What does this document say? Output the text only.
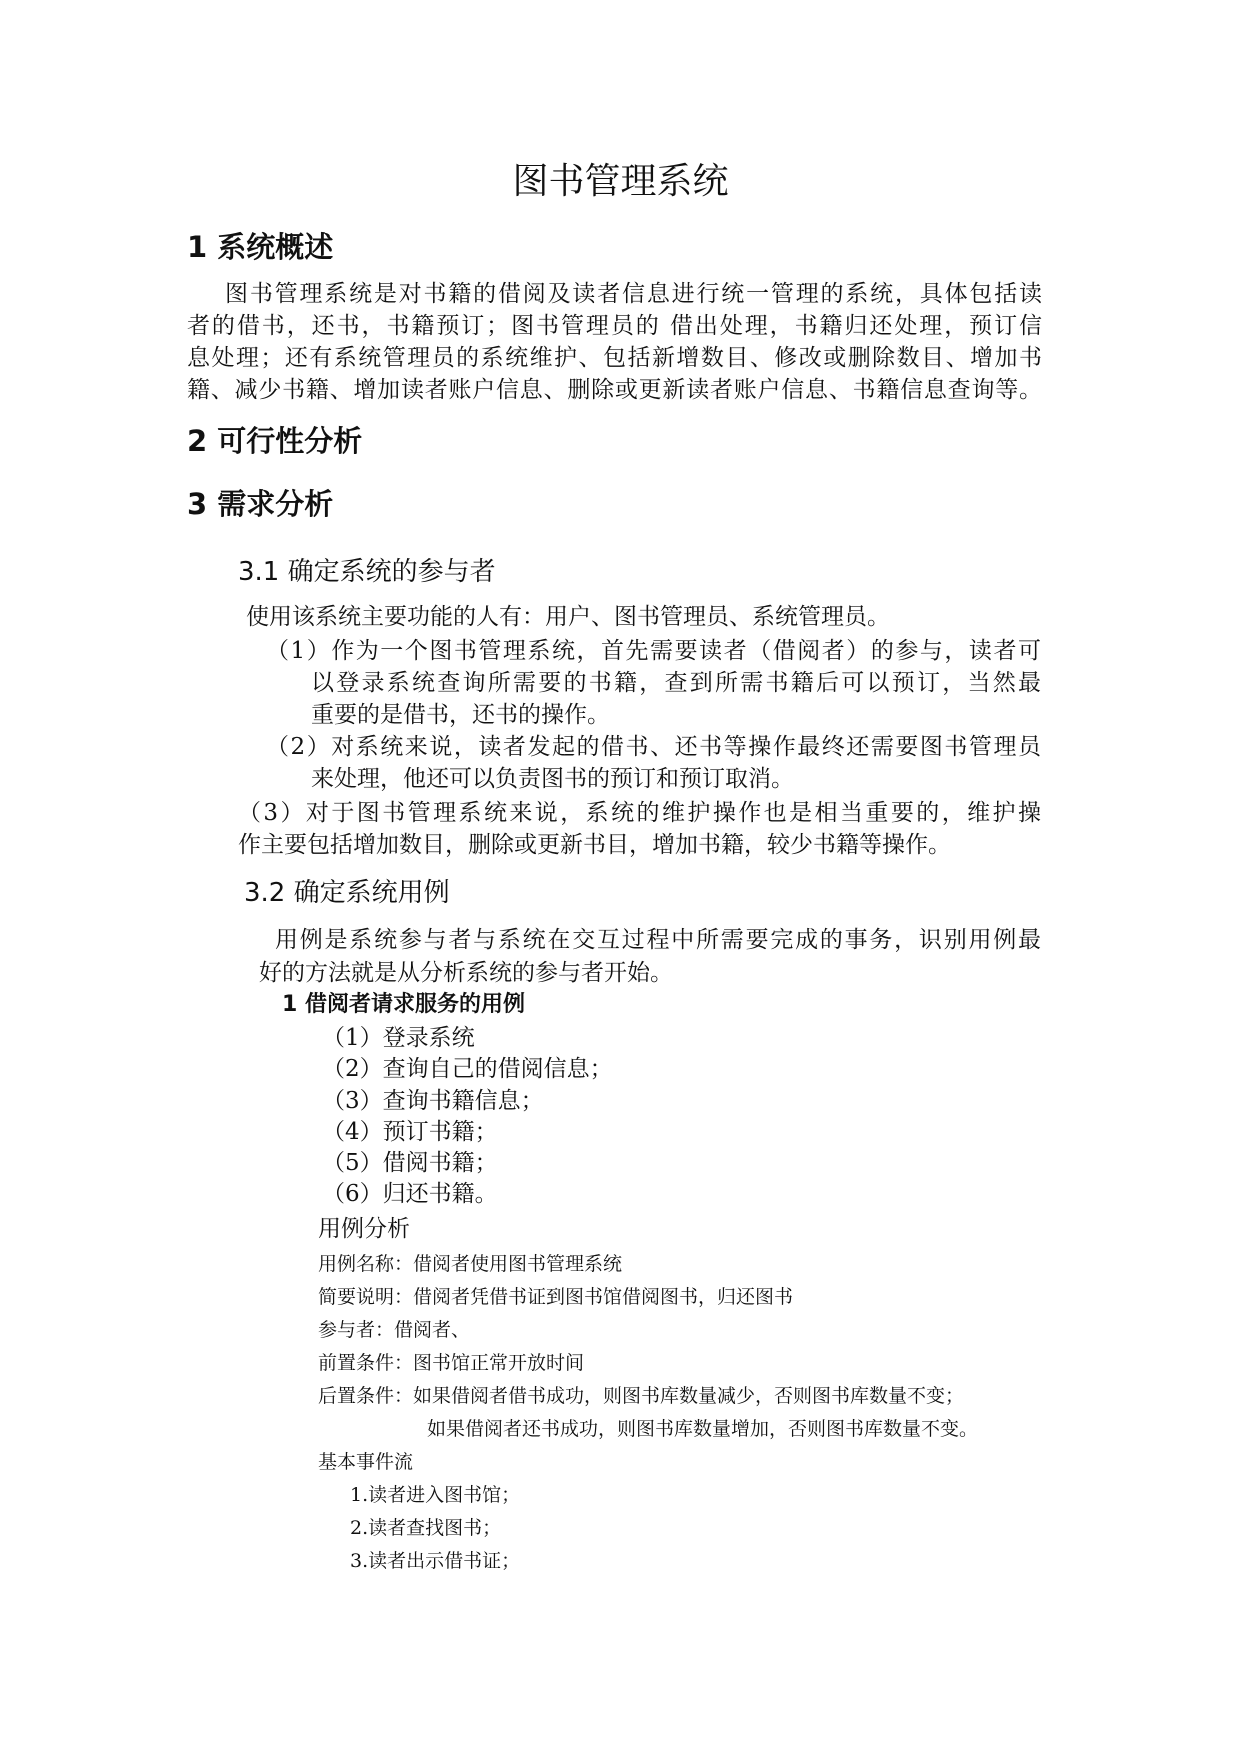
图书管理系统
1 系统概述

图书管理系统是对书籍的借阅及读者信息进行统一管理的系统，具体包括读

者的借书，还书，书籍预订；图书管理员的 借出处理，书籍归还处理，预订信

息处理；还有系统管理员的系统维护、包括新增数目、修改或删除数目、增加书

籍、减少书籍、增加读者账户信息、删除或更新读者账户信息、书籍信息查询等。

2 可行性分析
3 需求分析
3.1 确定系统的参与者
使用该系统主要功能的人有：用户、图书管理员、系统管理员。

（1）作为一个图书管理系统，首先需要读者（借阅者）的参与，读者可

以登录系统查询所需要的书籍，查到所需书籍后可以预订，当然最

重要的是借书，还书的操作。

（2）对系统来说，读者发起的借书、还书等操作最终还需要图书管理员

来处理，他还可以负责图书的预订和预订取消。

（3）对于图书管理系统来说，系统的维护操作也是相当重要的，维护操

作主要包括增加数目，删除或更新书目，增加书籍，较少书籍等操作。

3.2 确定系统用例

用例是系统参与者与系统在交互过程中所需要完成的事务，识别用例最

好的方法就是从分析系统的参与者开始。
1 借阅者请求服务的用例
（1）登录系统
（2）查询自己的借阅信息；
（3）查询书籍信息；
（4）预订书籍；
（5）借阅书籍；
（6）归还书籍。
用例分析
用例名称：借阅者使用图书管理系统
简要说明：借阅者凭借书证到图书馆借阅图书，归还图书
参与者：借阅者、
前置条件：图书馆正常开放时间
后置条件：如果借阅者借书成功，则图书库数量减少，否则图书库数量不变；
如果借阅者还书成功，则图书库数量增加，否则图书库数量不变。
基本事件流
1.读者进入图书馆；
2.读者查找图书；
3.读者出示借书证；
